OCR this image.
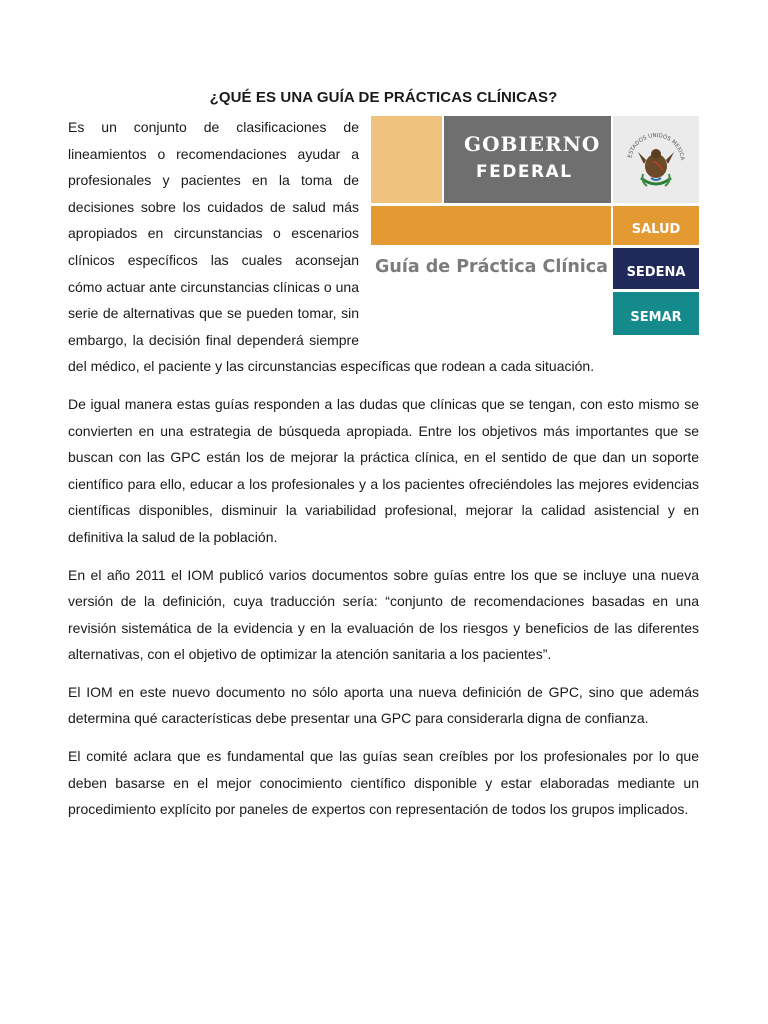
¿QUÉ ES UNA GUÍA DE PRÁCTICAS CLÍNICAS?

GOBIERNO
FEDERAL
ESTADOS UNIDOS MEXICA
SALUD
Guía de Práctica Clínica	SEDENA
SEMAR
Es un conjunto de clasificaciones de lineamientos o recomendaciones ayudar a profesionales y pacientes en la toma de decisiones sobre los cuidados de salud más apropiados en circunstancias o escenarios clínicos específicos las cuales aconsejan cómo actuar ante circunstancias clínicas o una serie de alternativas que se pueden tomar, sin embargo, la decisión final dependerá siempre del médico, el paciente y las circunstancias específicas que rodean a cada situación.

De igual manera estas guías responden a las dudas que clínicas que se tengan, con esto mismo se convierten en una estrategia de búsqueda apropiada. Entre los objetivos más importantes que se buscan con las GPC están los de mejorar la práctica clínica, en el sentido de que dan un soporte científico para ello, educar a los profesionales y a los pacientes ofreciéndoles las mejores evidencias científicas disponibles, disminuir la variabilidad profesional, mejorar la calidad asistencial y en definitiva la salud de la población.

En el año 2011 el IOM publicó varios documentos sobre guías entre los que se incluye una nueva versión de la definición, cuya traducción sería: “conjunto de recomendaciones basadas en una revisión sistemática de la evidencia y en la evaluación de los riesgos y beneficios de las diferentes alternativas, con el objetivo de optimizar la atención sanitaria a los pacientes”.

El IOM en este nuevo documento no sólo aporta una nueva definición de GPC, sino que además determina qué características debe presentar una GPC para considerarla digna de confianza.

El comité aclara que es fundamental que las guías sean creíbles por los profesionales por lo que deben basarse en el mejor conocimiento científico disponible y estar elaboradas mediante un procedimiento explícito por paneles de expertos con representación de todos los grupos implicados.
